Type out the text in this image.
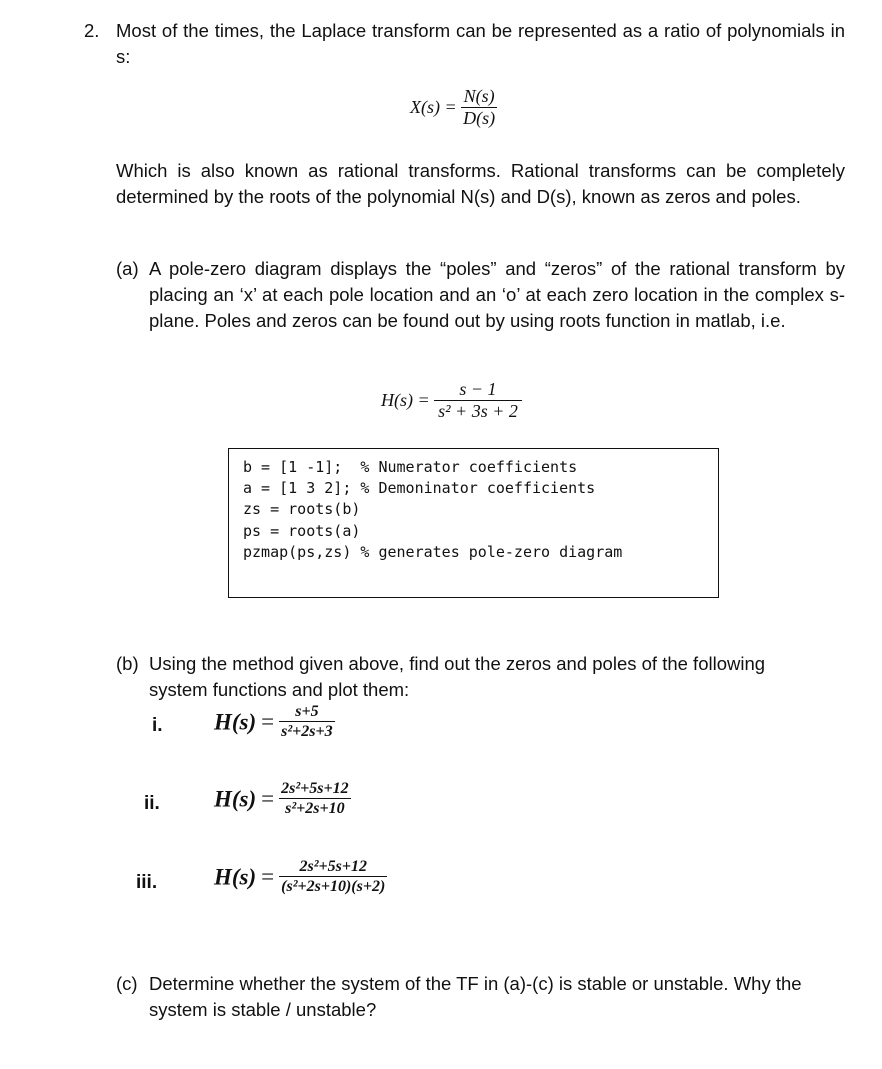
2. Most of the times, the Laplace transform can be represented as a ratio of polynomials in s:
$X(s) = \frac{N(s)}{D(s)}$
Which is also known as rational transforms. Rational transforms can be completely determined by the roots of the polynomial N(s) and D(s), known as zeros and poles.
(a) A pole-zero diagram displays the “poles” and “zeros” of the rational transform by placing an ‘x’ at each pole location and an ‘o’ at each zero location in the complex s-plane. Poles and zeros can be found out by using roots function in matlab, i.e.
$H(s) = \frac{s - 1}{\text{s² + 3s + 2}}$
b = [1 -1];  % Numerator coefficients
a = [1 3 2]; % Demoninator coefficients
zs = roots(b)
ps = roots(a)
pzmap(ps,zs) % generates pole-zero diagram
(b) Using the method given above, find out the zeros and poles of the following system functions and plot them:
i. $H(s) = \frac{s+5}{\text{s²+2s+3}}$
ii. $H(s) = \frac{\text{2s²+5s+12}}{\text{s²+2s+10}}$
iii. $H(s) = \frac{\text{2s²+5s+12}}{\text{(s²+2s+10)(s+2)}}$
(c) Determine whether the system of the TF in (a)-(c) is stable or unstable. Why the system is stable / unstable?
